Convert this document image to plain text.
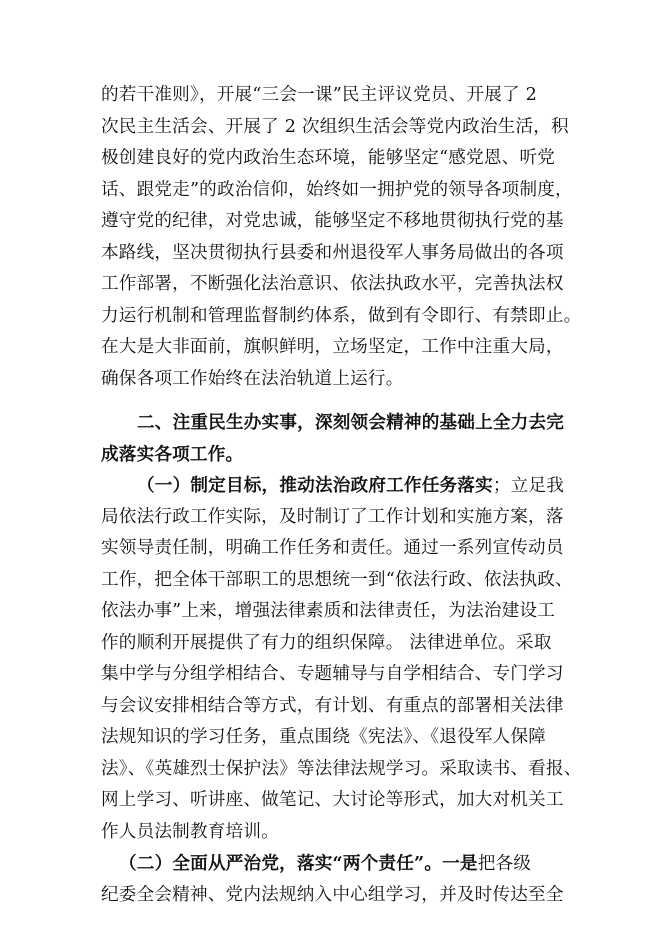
的若干准则》，开展“三会一课”民主评议党员、开展了 2
次民主生活会、开展了 2 次组织生活会等党内政治生活，积
极创建良好的党内政治生态环境，能够坚定“感党恩、听党
话、跟党走”的政治信仰，始终如一拥护党的领导各项制度，
遵守党的纪律，对党忠诚，能够坚定不移地贯彻执行党的基
本路线，坚决贯彻执行县委和州退役军人事务局做出的各项
工作部署，不断强化法治意识、依法执政水平，完善执法权
力运行机制和管理监督制约体系，做到有令即行、有禁即止。
在大是大非面前，旗帜鲜明，立场坚定，工作中注重大局，
确保各项工作始终在法治轨道上运行。
二、注重民生办实事，深刻领会精神的基础上全力去完
成落实各项工作。
（一）制定目标，推动法治政府工作任务落实；立足我
局依法行政工作实际，及时制订了工作计划和实施方案，落
实领导责任制，明确工作任务和责任。通过一系列宣传动员
工作，把全体干部职工的思想统一到“依法行政、依法执政、
依法办事”上来，增强法律素质和法律责任，为法治建设工
作的顺利开展提供了有力的组织保障。 法律进单位。采取
集中学与分组学相结合、专题辅导与自学相结合、专门学习
与会议安排相结合等方式，有计划、有重点的部署相关法律
法规知识的学习任务，重点围绕《宪法》、《退役军人保障
法》、《英雄烈士保护法》等法律法规学习。采取读书、看报、
网上学习、听讲座、做笔记、大讨论等形式，加大对机关工
作人员法制教育培训。
（二）全面从严治党，落实“两个责任”。一是把各级
纪委全会精神、党内法规纳入中心组学习，并及时传达至全
